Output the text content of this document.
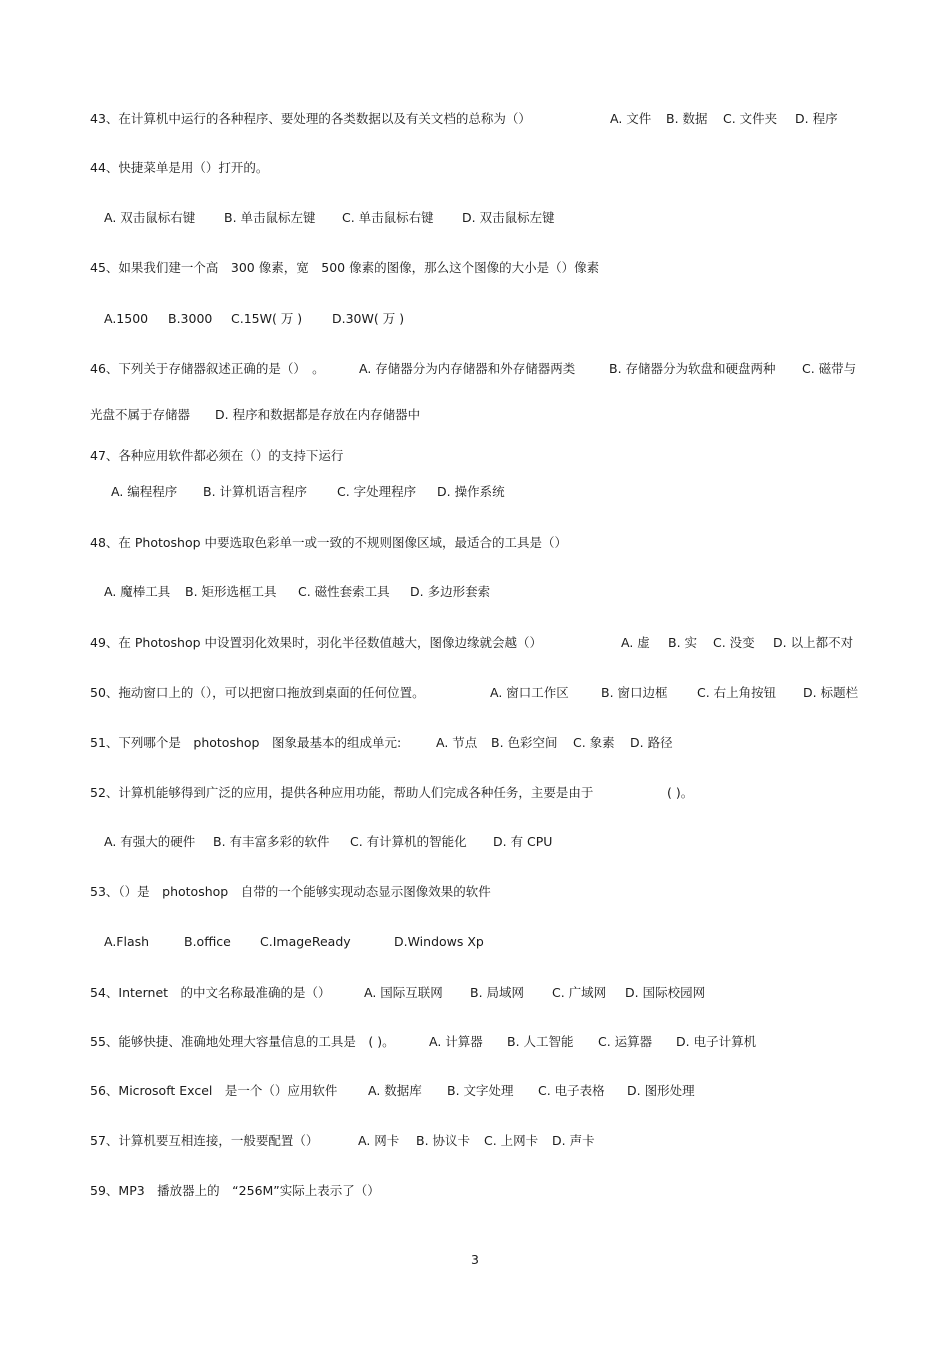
43、在计算机中运行的各种程序、要处理的各类数据以及有关文档的总称为（）	A. 文件 B. 数据 C. 文件夹 D. 程序
44、快捷菜单是用（）打开的。
A. 双击鼠标右键 B. 单击鼠标左键 C. 单击鼠标右键 D. 双击鼠标左键
45、如果我们建一个高　300 像素，宽　500 像素的图像，那么这个图像的大小是（）像素
A.1500 B.3000 C.15W( 万 ) D.30W( 万 )
46、下列关于存储器叙述正确的是（）　。	A. 存储器分为内存储器和外存储器两类	B. 存储器分为软盘和硬盘两种 C. 磁带与
光盘不属于存储器　　D. 程序和数据都是存放在内存储器中
47、各种应用软件都必须在（）的支持下运行
A. 编程程序 B. 计算机语言程序 C. 字处理程序 D. 操作系统
48、在 Photoshop 中要选取色彩单一或一致的不规则图像区域，最适合的工具是（）
A. 魔棒工具 B. 矩形选框工具 C. 磁性套索工具 D. 多边形套索
49、在 Photoshop 中设置羽化效果时，羽化半径数值越大，图像边缘就会越（）	A. 虚 B. 实 C. 没变 D. 以上都不对
50、拖动窗口上的（），可以把窗口拖放到桌面的任何位置。	A. 窗口工作区	B. 窗口边框 C. 右上角按钮 D. 标题栏
51、下列哪个是　photoshop　图象最基本的组成单元:	A. 节点 B. 色彩空间 C. 象素 D. 路径
52、计算机能够得到广泛的应用，提供各种应用功能，帮助人们完成各种任务，主要是由于	( )。
A. 有强大的硬件 B. 有丰富多彩的软件 C. 有计算机的智能化 D. 有 CPU
53、（）是　photoshop　自带的一个能够实现动态显示图像效果的软件
A.Flash	B.office C.ImageReady	D.Windows Xp
54、Internet　的中文名称最准确的是（）	A. 国际互联网 B. 局域网 C. 广域网 D. 国际校园网
55、能够快捷、准确地处理大容量信息的工具是　( )。	A. 计算器 B. 人工智能 C. 运算器 D. 电子计算机
56、Microsoft Excel　是一个（）应用软件 A. 数据库 B. 文字处理 C. 电子表格 D. 图形处理
57、计算机要互相连接，一般要配置（）	A. 网卡 B. 协议卡 C. 上网卡 D. 声卡
59、MP3　播放器上的　“256M”实际上表示了（）
3
